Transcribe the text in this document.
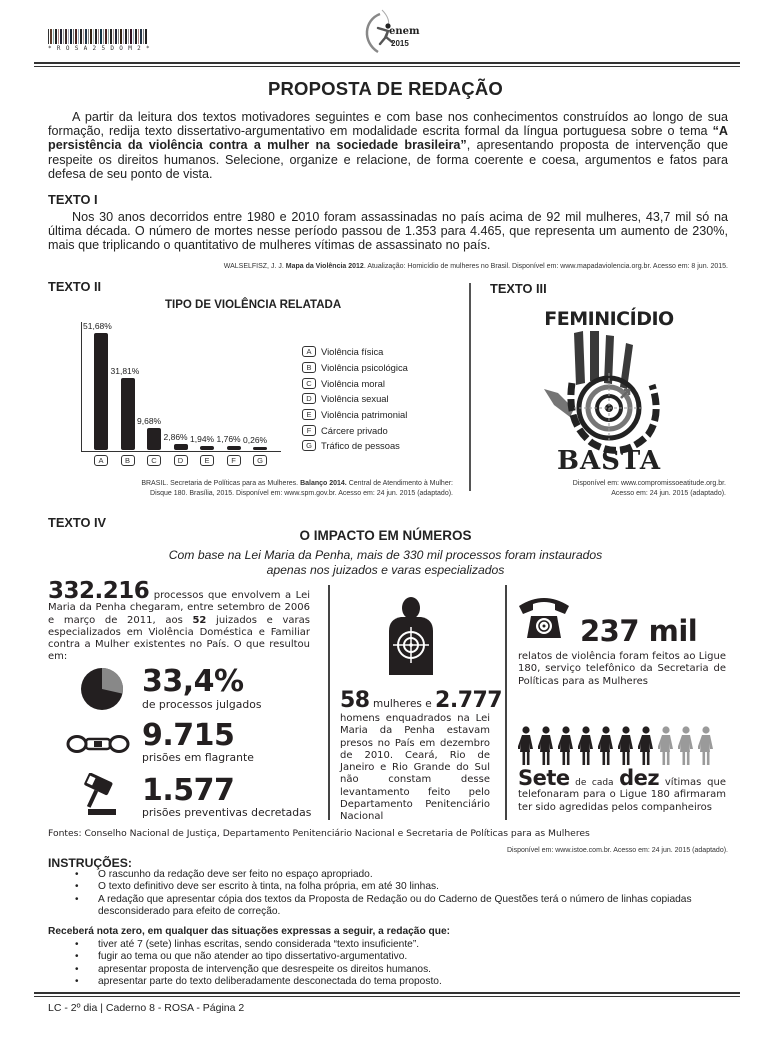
*ROSA25DOM2*
enem
2015
PROPOSTA DE REDAÇÃO
A partir da leitura dos textos motivadores seguintes e com base nos conhecimentos construídos ao longo de sua formação, redija texto dissertativo-argumentativo em modalidade escrita formal da língua portuguesa sobre o tema “A persistência da violência contra a mulher na sociedade brasileira”, apresentando proposta de intervenção que respeite os direitos humanos. Selecione, organize e relacione, de forma coerente e coesa, argumentos e fatos para defesa de seu ponto de vista.
TEXTO I
Nos 30 anos decorridos entre 1980 e 2010 foram assassinadas no país acima de 92 mil mulheres, 43,7 mil só na última década. O número de mortes nesse período passou de 1.353 para 4.465, que representa um aumento de 230%, mais que triplicando o quantitativo de mulheres vítimas de assassinato no país.
WALSELFISZ, J. J. Mapa da Violência 2012. Atualização: Homicídio de mulheres no Brasil. Disponível em: www.mapadaviolencia.org.br. Acesso em: 8 jun. 2015.
TEXTO II
TIPO DE VIOLÊNCIA RELATADA
51,68%
A
31,81%
B
9,68%
C
2,86%
D
1,94%
E
1,76%
F
0,26%
G
A	Violência física
B	Violência psicológica
C Violência moral
D Violência sexual
E	Violência patrimonial
F	Cárcere privado
G Tráfico de pessoas
BRASIL. Secretaria de Políticas para as Mulheres. Balanço 2014. Central de Atendimento à Mulher:
Disque 180. Brasília, 2015. Disponível em: www.spm.gov.br. Acesso em: 24 jun. 2015 (adaptado).
TEXTO III
FEMINICÍDIO
BASTA
Disponível em: www.compromissoeatitude.org.br.
Acesso em: 24 jun. 2015 (adaptado).
TEXTO IV
O IMPACTO EM NÚMEROS
Com base na Lei Maria da Penha, mais de 330 mil processos foram instaurados
apenas nos juizados e varas especializados
332.216 processos que envolvem a Lei Maria da Penha chegaram, entre setembro de 2006 e março de 2011, aos 52 juizados e varas especializados em Violência Doméstica e Familiar contra a Mulher existentes no País. O que resultou em:
33,4%
de processos julgados
9.715
prisões em flagrante
1.577
prisões preventivas decretadas
58 mulheres e 2.777
homens enquadrados na Lei Maria da Penha estavam presos no País em dezembro de 2010. Ceará, Rio de Janeiro e Rio Grande do Sul não constam desse levantamento feito pelo Departamento Penitenciário Nacional
237 mil
relatos de violência foram feitos ao Ligue 180, serviço telefônico da Secretaria de Políticas para as Mulheres
Sete de cada dez vítimas que telefonaram para o Ligue 180 afirmaram ter sido agredidas pelos companheiros
Fontes: Conselho Nacional de Justiça, Departamento Penitenciário Nacional e Secretaria de Políticas para as Mulheres
Disponível em: www.istoe.com.br. Acesso em: 24 jun. 2015 (adaptado).
INSTRUÇÕES:
• O rascunho da redação deve ser feito no espaço apropriado.
• O texto definitivo deve ser escrito à tinta, na folha própria, em até 30 linhas.
• A redação que apresentar cópia dos textos da Proposta de Redação ou do Caderno de Questões terá o número de linhas copiadas desconsiderado para efeito de correção.
Receberá nota zero, em qualquer das situações expressas a seguir, a redação que:
• tiver até 7 (sete) linhas escritas, sendo considerada “texto insuficiente”.
• fugir ao tema ou que não atender ao tipo dissertativo-argumentativo.
• apresentar proposta de intervenção que desrespeite os direitos humanos.
• apresentar parte do texto deliberadamente desconectada do tema proposto.
LC - 2º dia | Caderno 8 - ROSA - Página 2
